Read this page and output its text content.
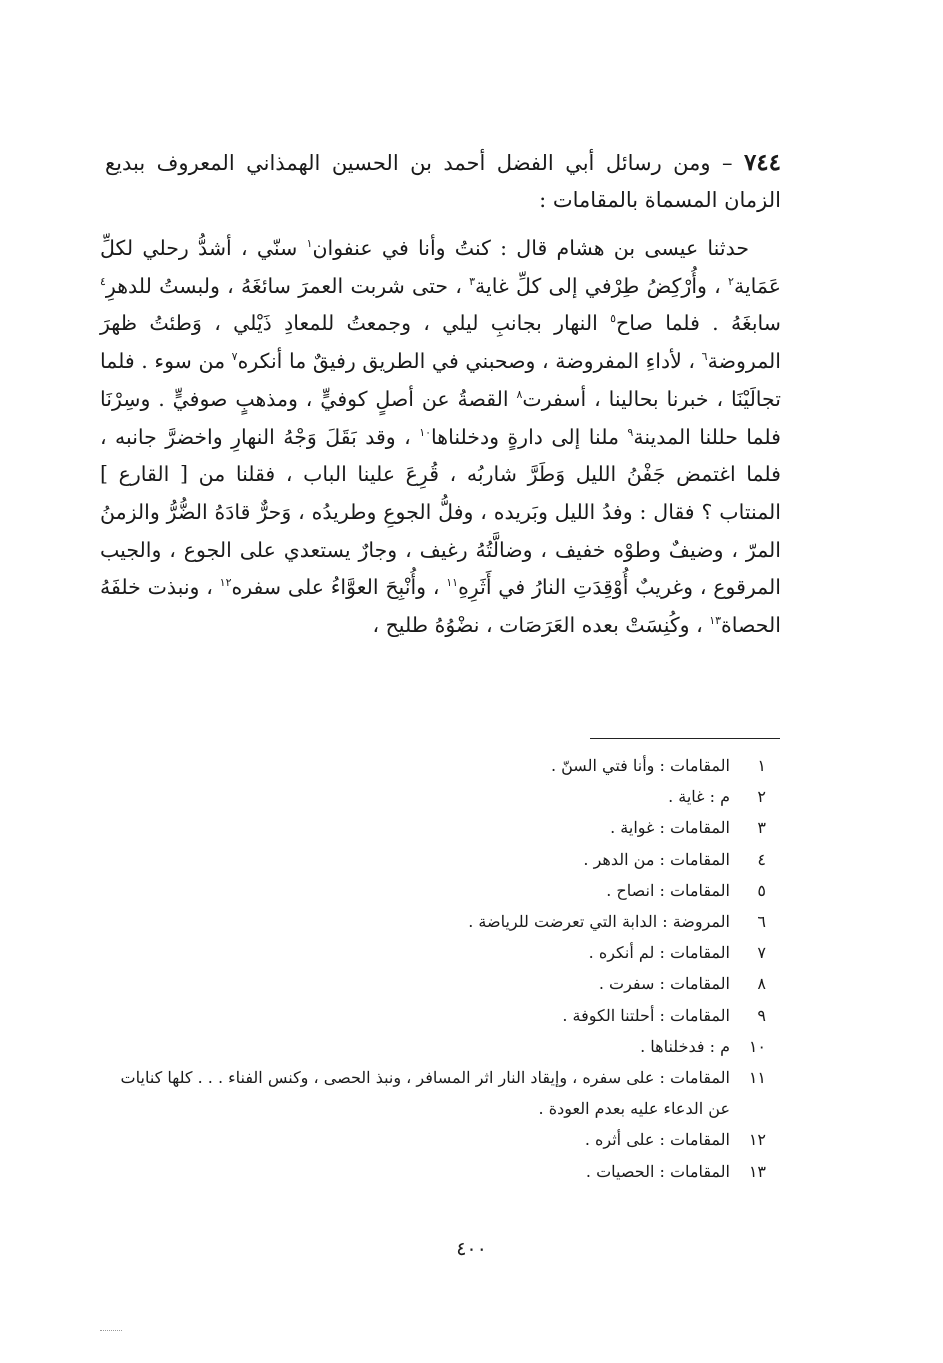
٧٤٤ – ومن رسائل أبي الفضل أحمد بن الحسين الهمذاني المعروف ببديع الزمان المسماة بالمقامات :
حدثنا عيسى بن هشام قال : كنتُ وأنا في عنفوان$^١$ سنّي ، أشدُّ رحلي لكلِّ عَمَاية$^٢$ ، وأُرْكِضُ طِرْفي إلى كلِّ غاية$^٣$ ، حتى شربت العمرَ سائغَهُ ، ولبستُ للدهرِ$^٤$ سابغَهُ . فلما صاح$^٥$ النهار بجانبِ ليلي ، وجمعتُ للمعادِ ذَيْلي ، وَطئتُ ظهرَ المروضة$^٦$ ، لأداءِ المفروضة ، وصحبني في الطريق رفيقٌ ما أنكره$^٧$ من سوء . فلما تجالَيْنَا ، خبرنا بحالينا ، أسفرت$^٨$ القصةُ عن أصلٍ كوفيٍّ ، ومذهبٍ صوفيٍّ . وسِرْنَا فلما حللنا المدينة$^٩$ ملنا إلى دارةٍ ودخلناها$^{١٠}$ ، وقد بَقَلَ وَجْهُ النهارِ واخضرَّ جانبه ، فلما اغتمض جَفْنُ الليل وَطَرَّ شاربُه ، قُرِعَ علينا الباب ، فقلنا من [ القارع ] المنتاب ؟ فقال : وفدُ الليل وبَريده ، وفلُّ الجوعِ وطريدُه ، وَحرٌّ قادَهُ الضُّرُّ والزمنُ المرّ ، وضيفٌ وطوْه خفيف ، وضالَّتُهُ رغيف ، وجارٌ يستعدي على الجوع ، والجيب المرقوع ، وغريبٌ أُوْقِدَتِ النارُ في أَثَرِهِ$^{١١}$ ، وأُنْبِحَ العوَّاءُ على سفره$^{١٢}$ ، ونبذت خلفَهُ الحصاة$^{١٣}$ ، وكُنِسَتْ بعده العَرَصَات ، نضْوُهُ طليح ،
١
المقامات : وأنا فتي السنّ .
٢
م : غاية .
٣
المقامات : غواية .
٤
المقامات : من الدهر .
٥
المقامات : انصاح .
٦
المروضة : الدابة التي تعرضت للرياضة .
٧
المقامات : لم أنكره .
٨
المقامات : سفرت .
٩
المقامات : أحلتنا الكوفة .
١٠
م : فدخلناها .
١١
المقامات : على سفره ، وإيقاد النار اثر المسافر ، ونبذ الحصى ، وكنس الفناء . . . كلها كنايات عن الدعاء عليه بعدم العودة .
١٢
المقامات : على أثره .
١٣
المقامات : الحصيات .
٤٠٠
